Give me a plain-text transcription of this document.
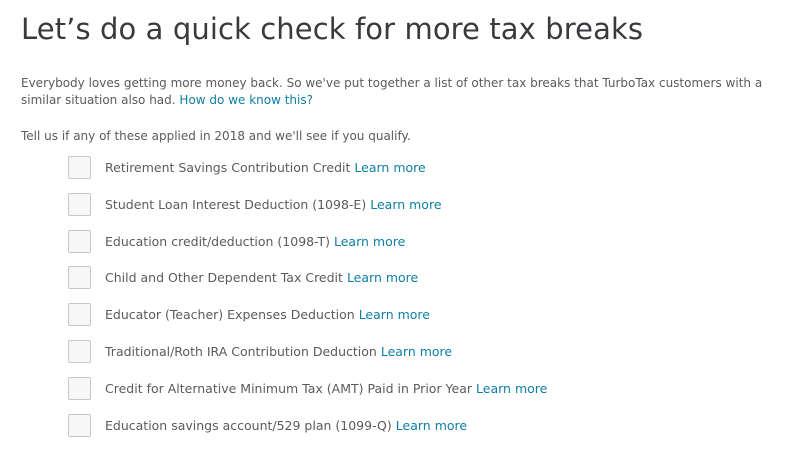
Let’s do a quick check for more tax breaks

Everybody loves getting more money back. So we've put together a list of other tax breaks that TurboTax customers with a similar situation also had. How do we know this?

Tell us if any of these applied in 2018 and we'll see if you qualify.

Retirement Savings Contribution Credit Learn more
Student Loan Interest Deduction (1098-E) Learn more
Education credit/deduction (1098-T) Learn more
Child and Other Dependent Tax Credit Learn more
Educator (Teacher) Expenses Deduction Learn more
Traditional/Roth IRA Contribution Deduction Learn more
Credit for Alternative Minimum Tax (AMT) Paid in Prior Year Learn more
Education savings account/529 plan (1099-Q) Learn more
